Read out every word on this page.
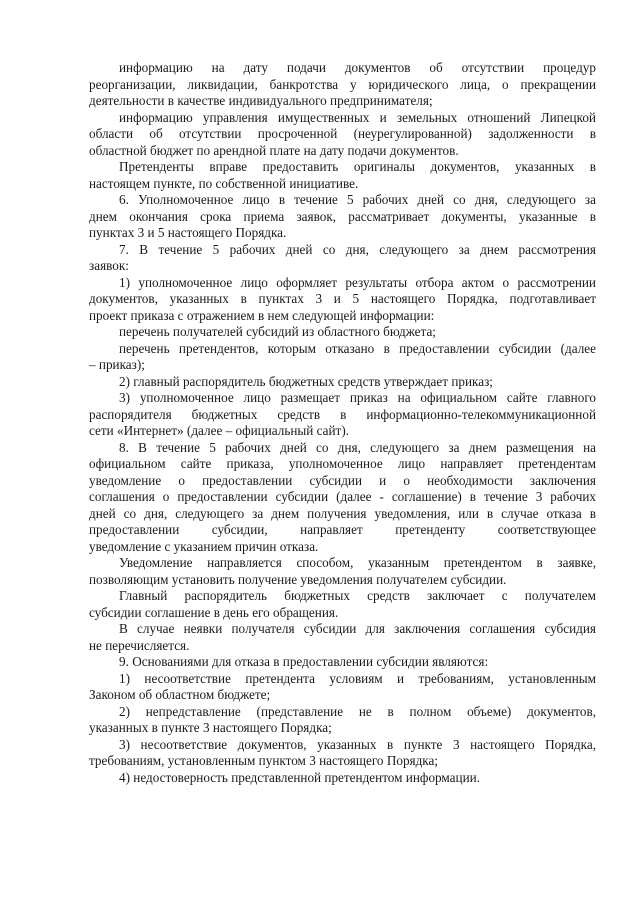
информацию на дату подачи документов об отсутствии процедур
реорганизации, ликвидации, банкротства у юридического лица, о прекращении
деятельности в качестве индивидуального предпринимателя;
информацию управления имущественных и земельных отношений Липецкой
области об отсутствии просроченной (неурегулированной) задолженности в
областной бюджет по арендной плате на дату подачи документов.
Претенденты вправе предоставить оригиналы документов, указанных в
настоящем пункте, по собственной инициативе.
6. Уполномоченное лицо в течение 5 рабочих дней со дня, следующего за
днем окончания срока приема заявок, рассматривает документы, указанные в
пунктах 3 и 5 настоящего Порядка.
7. В течение 5 рабочих дней со дня, следующего за днем рассмотрения
заявок:
1) уполномоченное лицо оформляет результаты отбора актом о рассмотрении
документов, указанных в пунктах 3 и 5 настоящего Порядка, подготавливает
проект приказа с отражением в нем следующей информации:
перечень получателей субсидий из областного бюджета;
перечень претендентов, которым отказано в предоставлении субсидии (далее
– приказ);
2) главный распорядитель бюджетных средств утверждает приказ;
3) уполномоченное лицо размещает приказ на официальном сайте главного
распорядителя бюджетных средств в информационно-телекоммуникационной
сети «Интернет» (далее – официальный сайт).
8. В течение 5 рабочих дней со дня, следующего за днем размещения на
официальном сайте приказа, уполномоченное лицо направляет претендентам
уведомление о предоставлении субсидии и о необходимости заключения
соглашения о предоставлении субсидии (далее - соглашение) в течение 3 рабочих
дней со дня, следующего за днем получения уведомления, или в случае отказа в
предоставлении субсидии, направляет претенденту соответствующее
уведомление с указанием причин отказа.
Уведомление направляется способом, указанным претендентом в заявке,
позволяющим установить получение уведомления получателем субсидии.
Главный распорядитель бюджетных средств заключает с получателем
субсидии соглашение в день его обращения.
В случае неявки получателя субсидии для заключения соглашения субсидия
не перечисляется.
9. Основаниями для отказа в предоставлении субсидии являются:
1) несоответствие претендента условиям и требованиям, установленным
Законом об областном бюджете;
2) непредставление (представление не в полном объеме) документов,
указанных в пункте 3 настоящего Порядка;
3) несоответствие документов, указанных в пункте 3 настоящего Порядка,
требованиям, установленным пунктом 3 настоящего Порядка;
4) недостоверность представленной претендентом информации.
